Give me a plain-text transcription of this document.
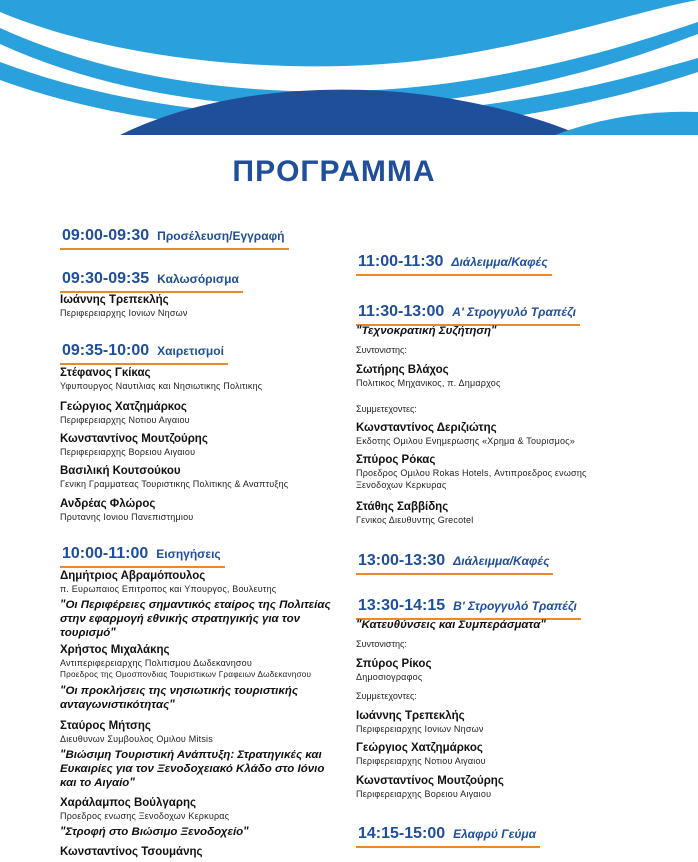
ΠΡΟΓΡΑΜΜΑ
09:00-09:30 Προσέλευση/Εγγραφή
09:30-09:35 Καλωσόρισμα
Ιωάννης Τρεπεκλής
Περιφερειαρχης Ιονιων Νησων
09:35-10:00 Χαιρετισμοί
Στέφανος Γκίκας
Υφυπουργος Ναυτιλιας και Νησιωτικης Πολιτικης
Γεώργιος Χατζημάρκος
Περιφερειαρχης Νοτιου Αιγαιου
Κωνσταντίνος Μουτζούρης
Περιφερειαρχης Βορειου Αιγαιου
Βασιλική Κουτσούκου
Γενικη Γραμματεας Τουριστικης Πολιτικης & Αναπτυξης
Ανδρέας Φλώρος
Πρυτανης Ιονιου Πανεπιστημιου
10:00-11:00 Εισηγήσεις
Δημήτριος Αβραμόπουλος
π. Ευρωπαιος Επιτροπος και Υπουργος, Βουλευτης
"Οι Περιφέρειες σημαντικός εταίρος της Πολιτείας στην εφαρμογή εθνικής στρατηγικής για τον τουρισμό"
Χρήστος Μιχαλάκης
Αντιπεριφερειαρχης Πολιτισμου Δωδεκανησου
Προεδρος της Ομοσπονδιας Τουριστικων Γραφειων Δωδεκανησου
"Οι προκλήσεις της νησιωτικής τουριστικής ανταγωνιστικότητας"
Σταύρος Μήτσης
Διευθυνων Συμβουλος Ομιλου Mitsis
"Βιώσιμη Τουριστική Ανάπτυξη: Στρατηγικές και Ευκαιρίες για τον Ξενοδοχειακό Κλάδο στο Ιόνιο και το Αιγαίο"
Χαράλαμπος Βούλγαρης
Προεδρος ενωσης Ξενοδοχων Κερκυρας
"Στροφή στο Βιώσιμο Ξενοδοχείο"
Κωνσταντίνος Τσουμάνης
11:00-11:30 Διάλειμμα/Καφές
11:30-13:00 Α' Στρογγυλό Τραπέζι
"Τεχνοκρατική Συζήτηση"
Συντονιστης:
Σωτήρης Βλάχος
Πολιτικος Μηχανικος, π. Δημαρχος
Συμμετεχοντες:
Κωνσταντίνος Δεριζιώτης
Εκδοτης Ομιλου Ενημερωσης «Χρημα & Τουρισμος»
Σπύρος Ρόκας
Προεδρος Ομιλου Rokas Hotels, Αντιπροεδρος ενωσης
Ξενοδοχων Κερκυρας
Στάθης Σαββίδης
Γενικος Διευθυντης Grecotel
13:00-13:30 Διάλειμμα/Καφές
13:30-14:15 Β' Στρογγυλό Τραπέζι
"Κατευθύνσεις και Συμπεράσματα"
Συντονιστης:
Σπύρος Ρίκος
Δημοσιογραφος
Συμμετεχοντες:
Ιωάννης Τρεπεκλής
Περιφερειαρχης Ιονιων Νησων
Γεώργιος Χατζημάρκος
Περιφερειαρχης Νοτιου Αιγαιου
Κωνσταντίνος Μουτζούρης
Περιφερειαρχης Βορειου Αιγαιου
14:15-15:00 Ελαφρύ Γεύμα
